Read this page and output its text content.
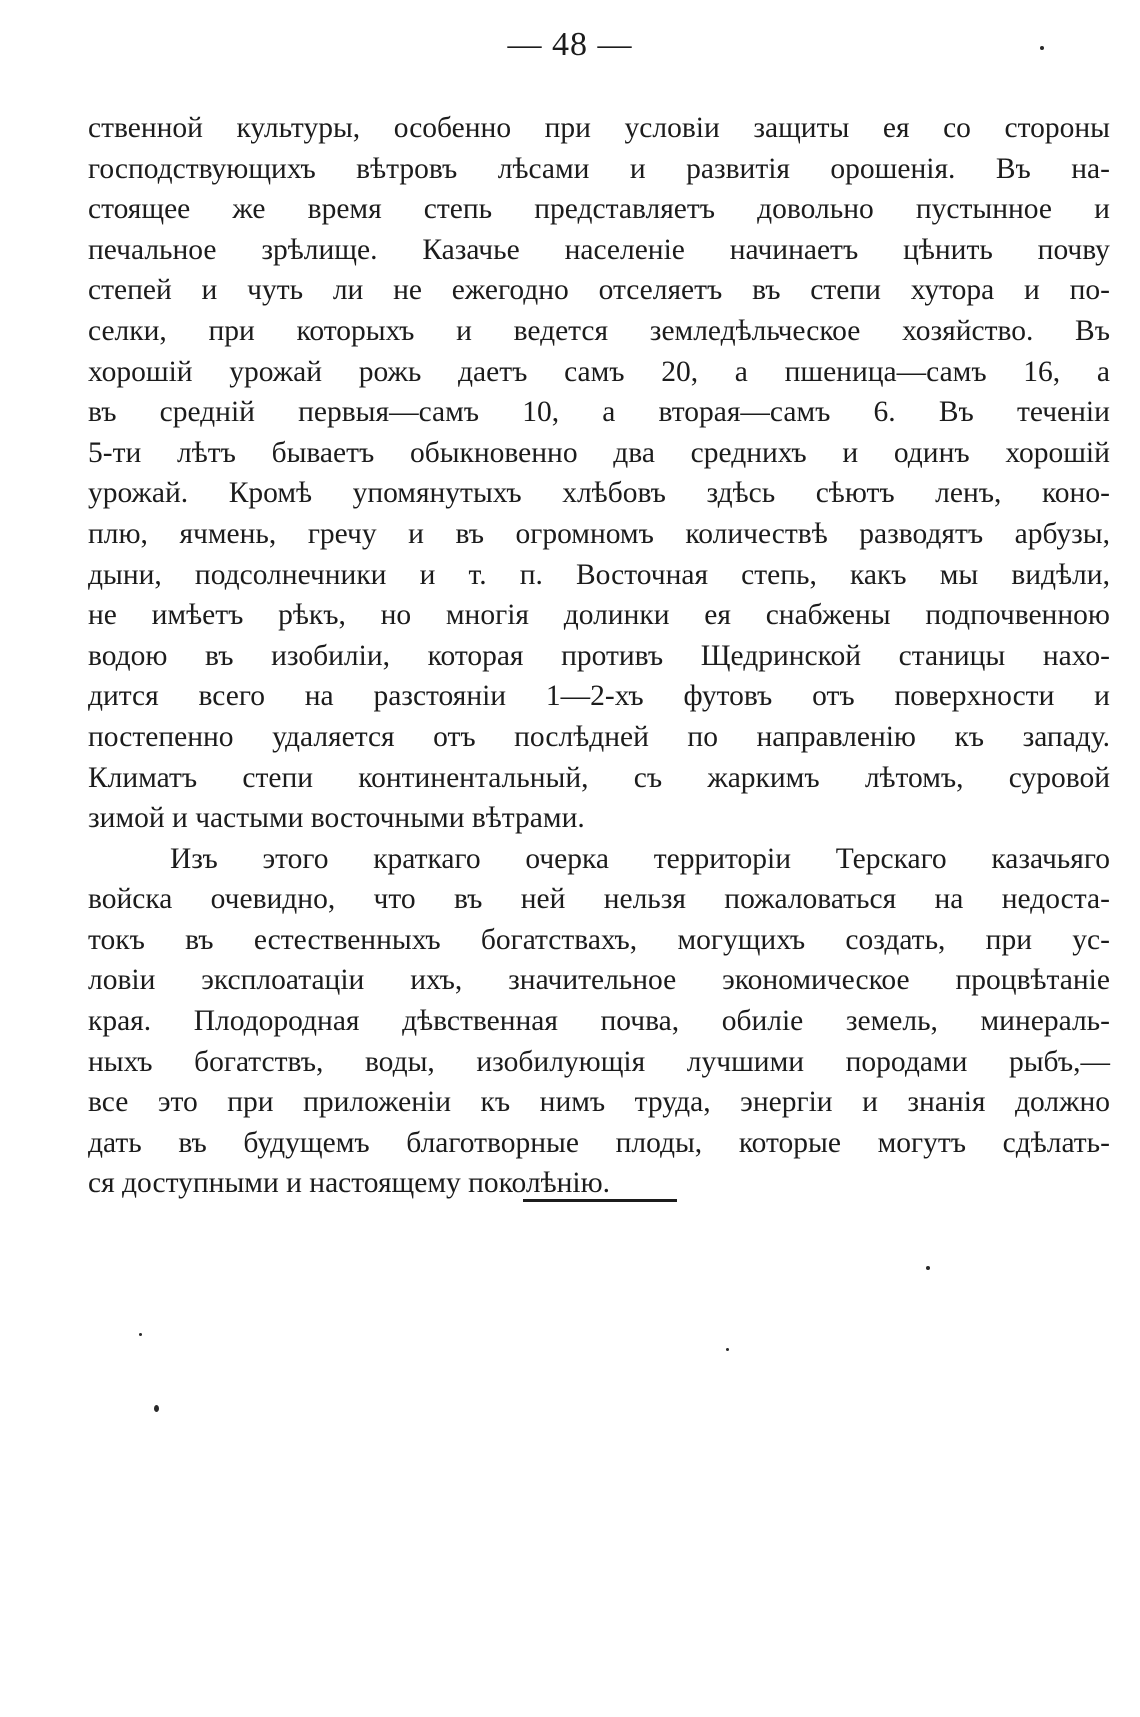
— 48 —
ственной культуры, особенно при условіи защиты ея со стороны
господствующихъ вѣтровъ лѣсами и развитія орошенія. Въ на-
стоящее же время степь представляетъ довольно пустынное и
печальное зрѣлище. Казачье населеніе начинаетъ цѣнить почву
степей и чуть ли не ежегодно отселяетъ въ степи хутора и по-
селки, при которыхъ и ведется земледѣльческое хозяйство. Въ
хорошій урожай рожь даетъ самъ 20, а пшеница—самъ 16, а
въ средній первыя—самъ 10, а вторая—самъ 6. Въ теченіи
5-ти лѣтъ бываетъ обыкновенно два среднихъ и одинъ хорошій
урожай. Кромѣ упомянутыхъ хлѣбовъ здѣсь сѣютъ ленъ, коно-
плю, ячмень, гречу и въ огромномъ количествѣ разводятъ арбузы,
дыни, подсолнечники и т. п. Восточная степь, какъ мы видѣли,
не имѣетъ рѣкъ, но многія долинки ея снабжены подпочвенною
водою въ изобиліи, которая противъ Щедринской станицы нахо-
дится всего на разстояніи 1—2-хъ футовъ отъ поверхности и
постепенно удаляется отъ послѣдней по направленію къ западу.
Климатъ степи континентальный, съ жаркимъ лѣтомъ, суровой
зимой
и
частыми
восточными
вѣтрами.
Изъ этого краткаго очерка территоріи Терскаго казачьяго
войска очевидно, что въ ней нельзя пожаловаться на недоста-
токъ въ естественныхъ богатствахъ, могущихъ создать, при ус-
ловіи эксплоатаціи ихъ, значительное экономическое процвѣтаніе
края. Плодородная дѣвственная почва, обиліе земель, минераль-
ныхъ богатствъ, воды, изобилующія лучшими породами рыбъ,—
все это при приложеніи къ нимъ труда, энергіи и знанія должно
дать въ будущемъ благотворные плоды, которые могутъ сдѣлать-
ся
доступными
и
настоящему
поколѣнію.
